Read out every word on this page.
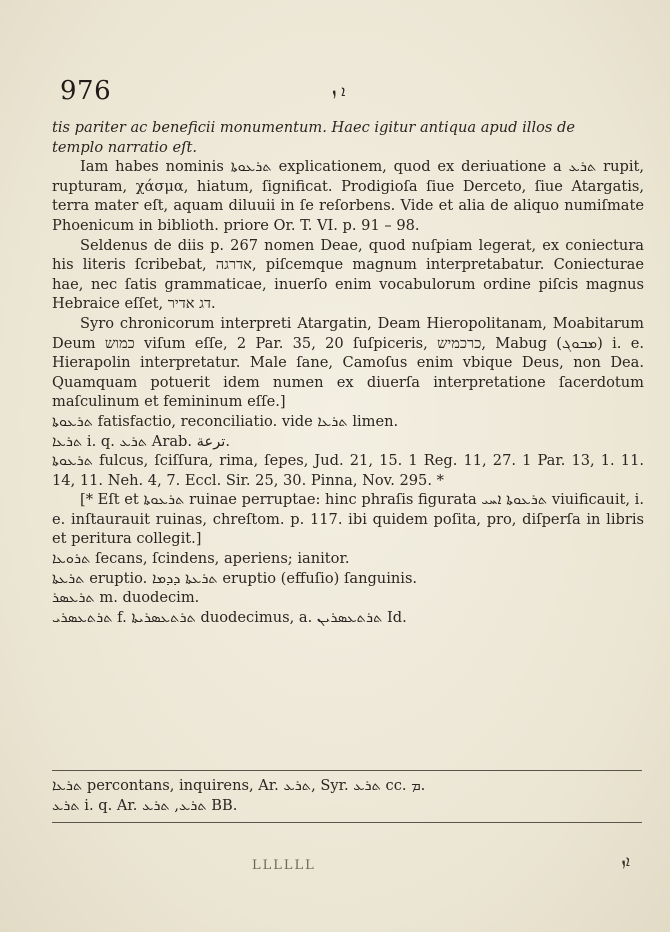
976	ܐ ܙ

tis pariter ac beneficii monumentum. Haec igitur antiqua apud illos de

templo narratio eſt.

Iam habes nominis ܬܪܥܘܬܐ explicationem, quod ex deriuatione a ܬܪܥ rupit, rupturam, χάσμα, hiatum, ſignificat. Prodigioſa ſiue Derceto, ſiue Atargatis, terra mater eſt, aquam diluuii in ſe reſorbens. Vide et alia de aliquo numiſmate Phoenicum in biblioth. priore Or. T. VI. p. 91 – 98.

Seldenus de diis p. 267 nomen Deae, quod nuſpiam legerat, ex coniectura his literis ſcribebat, אדרגה, piſcemque magnum interpretabatur. Coniecturae hae, nec ſatis grammaticae, inuerſo enim vocabulorum ordine piſcis magnus Hebraice eſſet, דג אדיר.

Syro chronicorum interpreti Atargatin, Deam Hieropolitanam, Moabitarum Deum כמוש viſum eſſe, 2 Par. 35, 20 ſuſpiceris, כרכמיש, Mabug (ܡܒܘܓ) i. e. Hierapolin interpretatur. Male ſane, Camoſus enim vbique Deus, non Dea. Quamquam potuerit idem numen ex diuerſa interpretatione ſacerdotum maſculinum et femininum eſſe.]

ܬܪܥܘܬܐ fatisfactio, reconciliatio. vide ܬܪܥܐ limen.

ܬܪܥܐ i. q. ܬܪܥ Arab. ترعة.

ܬܪܥܘܬܐ fulcus, ſciſſura, rima, ſepes, Jud. 21, 15. 1 Reg. 11, 27. 1 Par. 13, 1. 11. 14, 11. Neh. 4, 7. Eccl. Sir. 25, 30. Pinna, Nov. 295. *

[* Eſt et ܬܪܥܘܬܐ ruinae perruptae: hinc phraſis figurata ܬܪܥܘܬܐ ܐܚܝ viuificauit, i. e. inſtaurauit ruinas, chreſtom. p. 117. ibi quidem poſita, pro, diſperſa in libris et peritura collegit.]

ܬܪܘܥܐ ſecans, ſcindens, aperiens; ianitor.

ܬܪܥܬܐ eruptio. ܬܪܥܬܐ ܕܕܡܐ eruptio (effuſio) ſanguinis.

ܬܪܥܣܪ m. duodecim.

ܬܪܬܥܣܪܝ f. ܬܪܬܥܣܪܝܬܐ duodecimus, a. ܬܪܬܥܣܪܝܢ Id.

ܬܪܥܐ percontans, inquirens, Ar. ܬܪܥ, Syr. ܬܪܥ cc. ܡ.

ܬܪܥ i. q. Ar. ܬܪܥ, ܬܪܥ BB.

LLLLLL	ܐܙ
